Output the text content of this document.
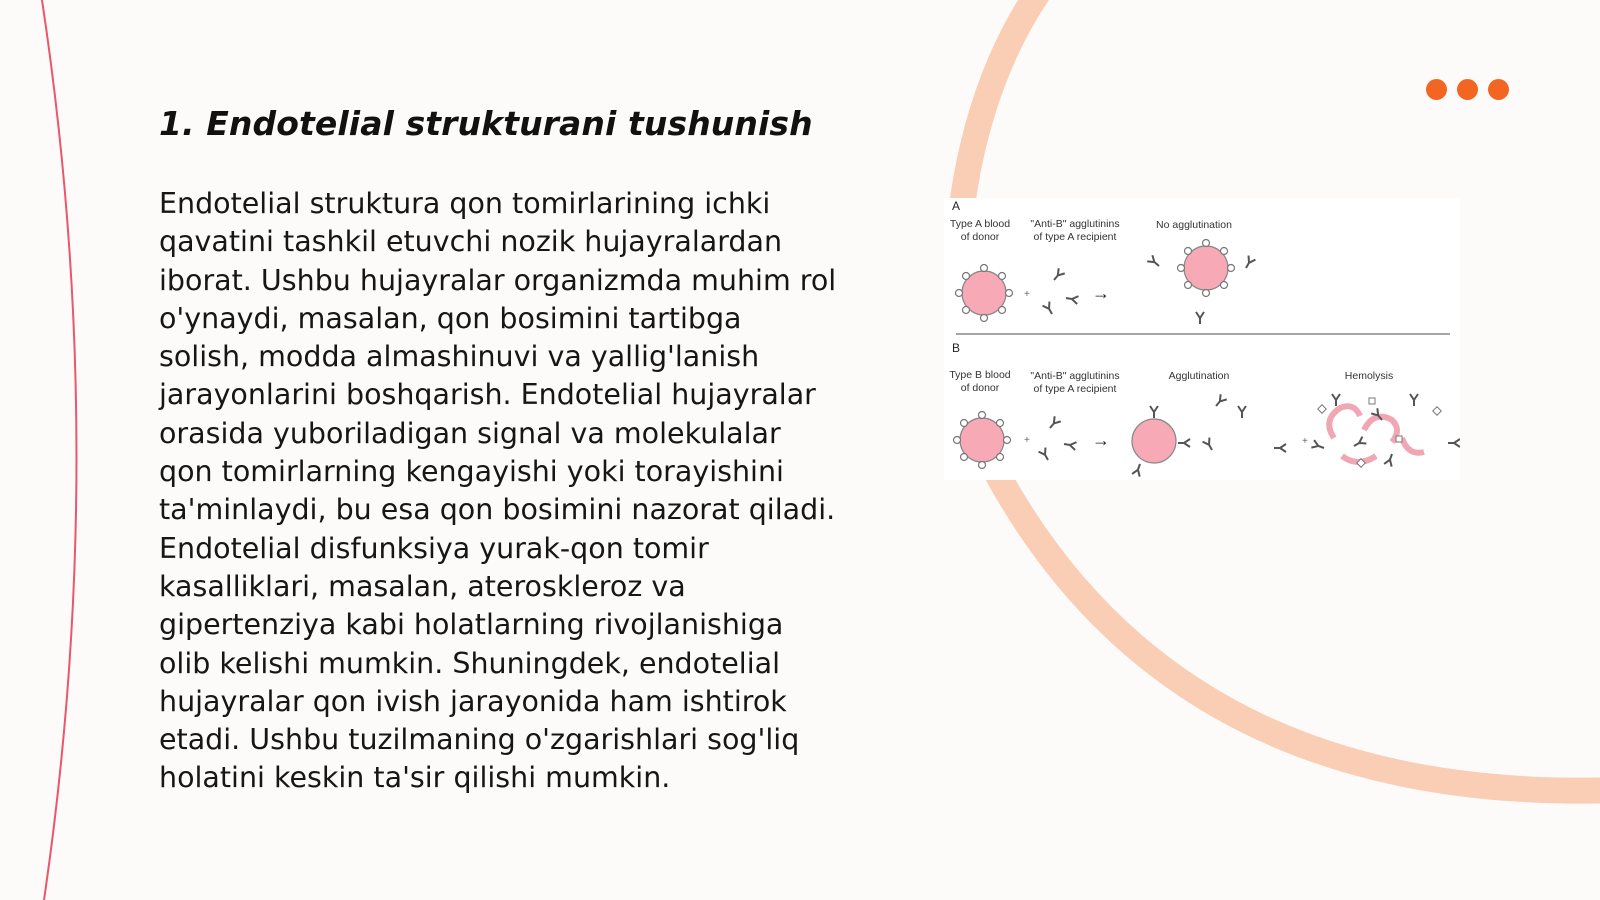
1. Endotelial strukturani tushunish

Endotelial struktura qon tomirlarining ichki qavatini tashkil etuvchi nozik hujayralardan iborat. Ushbu hujayralar organizmda muhim rol o'ynaydi, masalan, qon bosimini tartibga solish, modda almashinuvi va yallig'lanish jarayonlarini boshqarish. Endotelial hujayralar orasida yuboriladigan signal va molekulalar qon tomirlarning kengayishi yoki torayishini ta'minlaydi, bu esa qon bosimini nazorat qiladi. Endotelial disfunksiya yurak-qon tomir kasalliklari, masalan, ateroskleroz va gipertenziya kabi holatlarning rivojlanishiga olib kelishi mumkin. Shuningdek, endotelial hujayralar qon ivish jarayonida ham ishtirok etadi. Ushbu tuzilmaning o'zgarishlari sog'liq holatini keskin ta'sir qilishi mumkin.

A
Type A blood
of donor
"Anti-B" agglutinins
of type A recipient
No agglutination
+	→
B
Type B blood
of donor
"Anti-B" agglutinins
of type A recipient
Agglutination	Hemolysis
+	→	+
